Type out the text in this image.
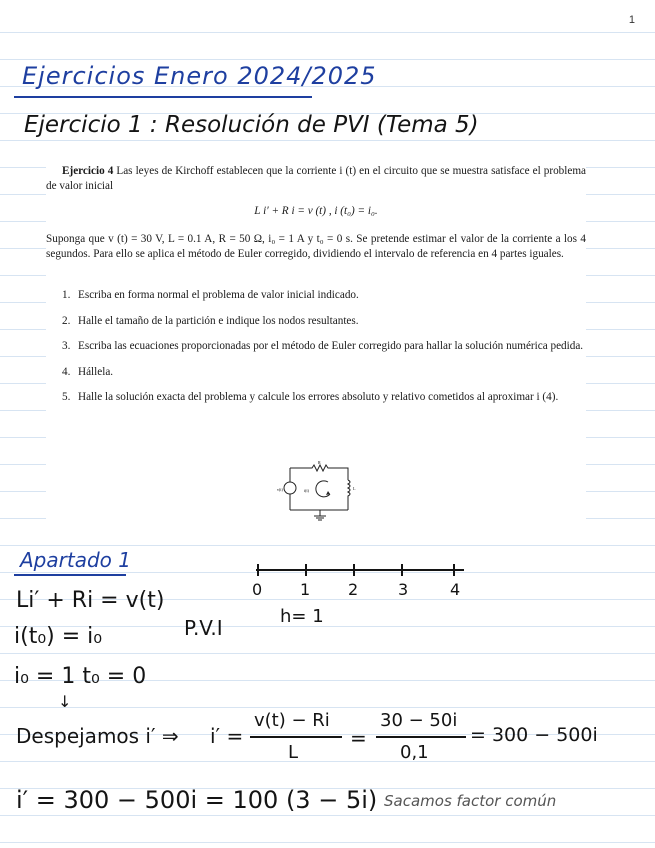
1
Ejercicios Enero 2024/2025
Ejercicio 1 : Resolución de PVI (Tema 5)

Ejercicio 4 Las leyes de Kirchoff establecen que la corriente i (t) en el circuito que se muestra satisface el problema de valor inicial

L i′ + R i = v (t) , i (t₀) = i₀.

Suponga que v (t) = 30 V, L = 0.1 A, R = 50 Ω, i₀ = 1 A y t₀ = 0 s. Se pretende estimar el valor de la corriente a los 4 segundos. Para ello se aplica el método de Euler corregido, dividiendo el intervalo de referencia en 4 partes iguales.

1. Escriba en forma normal el problema de valor inicial indicado.
2. Halle el tamaño de la partición e indique los nodos resultantes.
3. Escriba las ecuaciones proporcionadas por el método de Euler corregido para hallar la solución numérica pedida.
4. Hállela.
5. Halle la solución exacta del problema y calcule los errores absoluto y relativo cometidos al aproximar i (4).
v(t)	i(t)
R
L
Apartado 1
Li′ + Ri = v(t)
i(t₀) = i₀	P.V.I
i₀ = 1 t₀ = 0
↓
0 1 2 3	4
h= 1
Despejamos i′ ⇒ i′ =
v(t) − Ri
L
=
30 − 50i
0,1
= 300 − 500i
i′ = 300 − 500i = 100 (3 − 5i) Sacamos factor común
